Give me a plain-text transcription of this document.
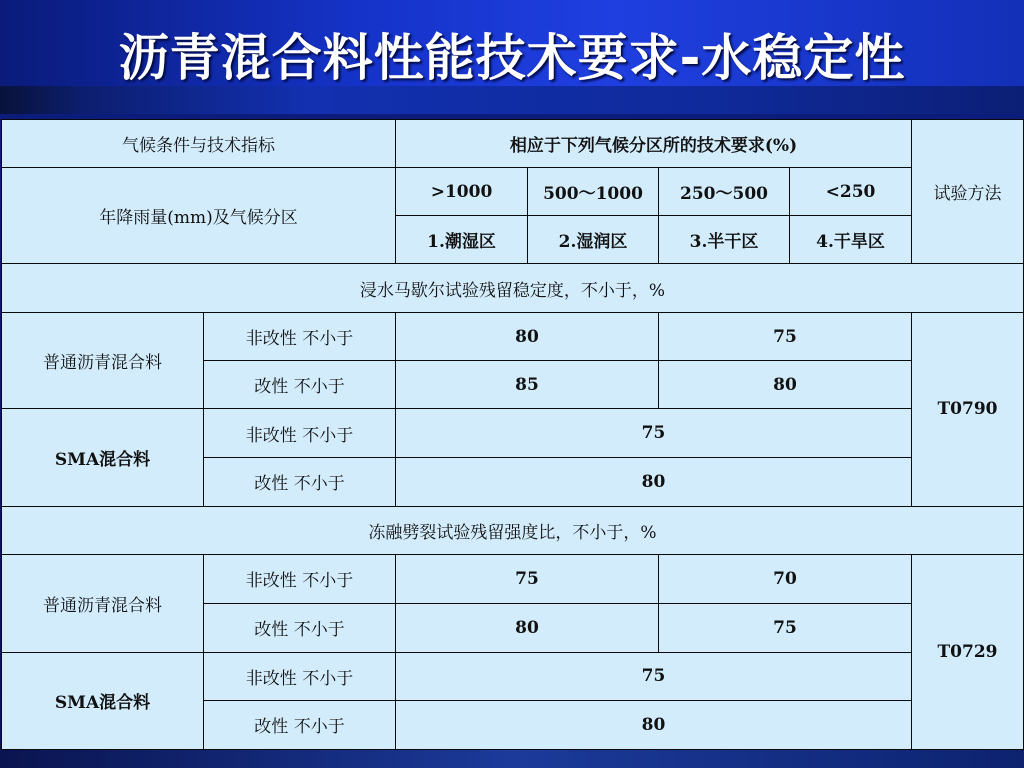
沥青混合料性能技术要求-水稳定性
气候条件与技术指标		相应于下列气候分区所的技术要求(%)				试验方法
年降雨量(mm)及气候分区		>1000	500～1000	250～500	<250	
		1.潮湿区	2.湿润区	3.半干区	4.干旱区	
浸水马歇尔试验残留稳定度，不小于，%						
普通沥青混合料	非改性 不小于	80		75		T0790
	改性 不小于	85		80		
SMA混合料	非改性 不小于	75				
	改性 不小于	80				
冻融劈裂试验残留强度比，不小于，%						
普通沥青混合料	非改性 不小于	75		70		T0729
	改性 不小于	80		75		
SMA混合料	非改性 不小于	75				
	改性 不小于	80				
